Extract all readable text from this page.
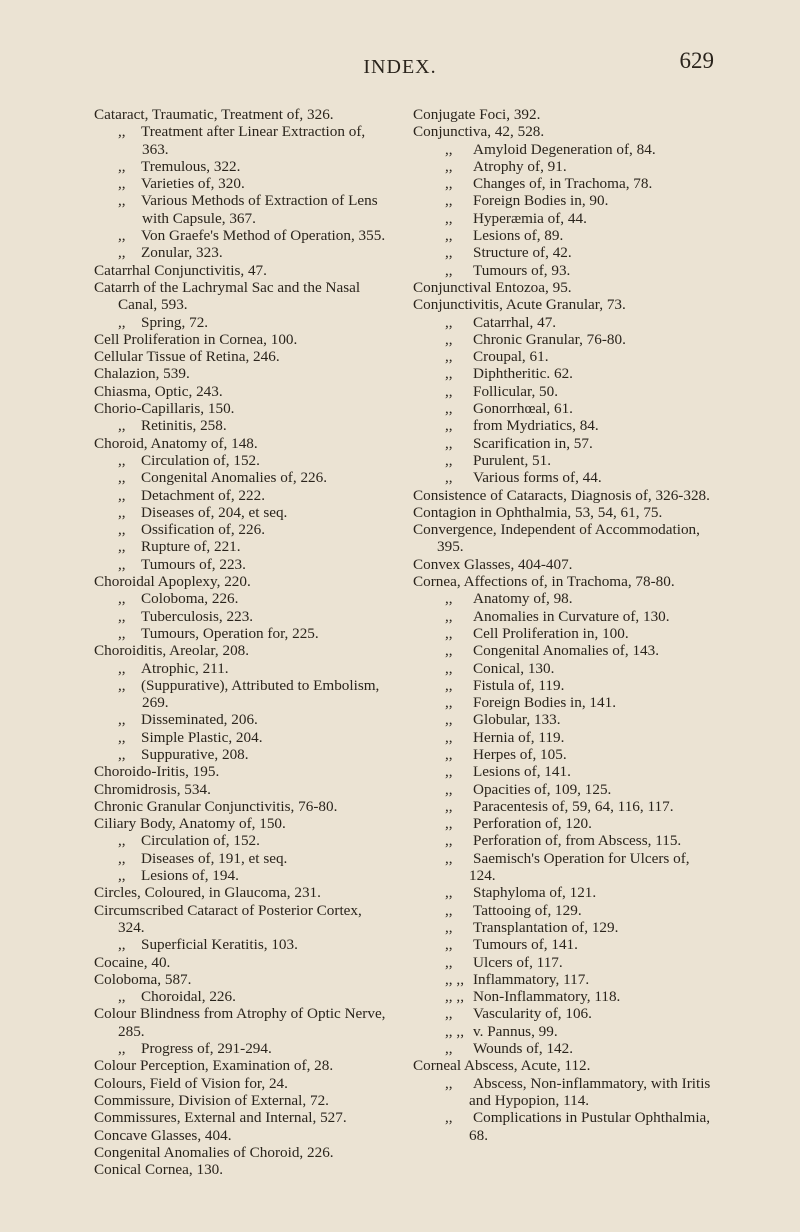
INDEX.	629
Cataract, Traumatic, Treatment of, 326.
,, Treatment after Linear Extraction of, 363.
,, Tremulous, 322.
,, Varieties of, 320.
,, Various Methods of Extraction of Lens with Capsule, 367.
,, Von Graefe's Method of Operation, 355.
,, Zonular, 323.
Catarrhal Conjunctivitis, 47.
Catarrh of the Lachrymal Sac and the Nasal Canal, 593.
,, Spring, 72.
Cell Proliferation in Cornea, 100.
Cellular Tissue of Retina, 246.
Chalazion, 539.
Chiasma, Optic, 243.
Chorio-Capillaris, 150.
,, Retinitis, 258.
Choroid, Anatomy of, 148.
,, Circulation of, 152.
,, Congenital Anomalies of, 226.
,, Detachment of, 222.
,, Diseases of, 204, et seq.
,, Ossification of, 226.
,, Rupture of, 221.
,, Tumours of, 223.
Choroidal Apoplexy, 220.
,, Coloboma, 226.
,, Tuberculosis, 223.
,, Tumours, Operation for, 225.
Choroiditis, Areolar, 208.
,, Atrophic, 211.
,, (Suppurative), Attributed to Embolism, 269.
,, Disseminated, 206.
,, Simple Plastic, 204.
,, Suppurative, 208.
Choroido-Iritis, 195.
Chromidrosis, 534.
Chronic Granular Conjunctivitis, 76-80.
Ciliary Body, Anatomy of, 150.
,, Circulation of, 152.
,, Diseases of, 191, et seq.
,, Lesions of, 194.
Circles, Coloured, in Glaucoma, 231.
Circumscribed Cataract of Posterior Cortex, 324.
,, Superficial Keratitis, 103.
Cocaine, 40.
Coloboma, 587.
,, Choroidal, 226.
Colour Blindness from Atrophy of Optic Nerve, 285.
,, Progress of, 291-294.
Colour Perception, Examination of, 28.
Colours, Field of Vision for, 24.
Commissure, Division of External, 72.
Commissures, External and Internal, 527.
Concave Glasses, 404.
Congenital Anomalies of Choroid, 226.
Conical Cornea, 130.
Conjugate Foci, 392.
Conjunctiva, 42, 528.
,, Amyloid Degeneration of, 84.
,, Atrophy of, 91.
,, Changes of, in Trachoma, 78.
,, Foreign Bodies in, 90.
,, Hyperæmia of, 44.
,, Lesions of, 89.
,, Structure of, 42.
,, Tumours of, 93.
Conjunctival Entozoa, 95.
Conjunctivitis, Acute Granular, 73.
,, Catarrhal, 47.
,, Chronic Granular, 76-80.
,, Croupal, 61.
,, Diphtheritic. 62.
,, Follicular, 50.
,, Gonorrhœal, 61.
,, from Mydriatics, 84.
,, Scarification in, 57.
,, Purulent, 51.
,, Various forms of, 44.
Consistence of Cataracts, Diagnosis of, 326-328.
Contagion in Ophthalmia, 53, 54, 61, 75.
Convergence, Independent of Accommodation, 395.
Convex Glasses, 404-407.
Cornea, Affections of, in Trachoma, 78-80.
,, Anatomy of, 98.
,, Anomalies in Curvature of, 130.
,, Cell Proliferation in, 100.
,, Congenital Anomalies of, 143.
,, Conical, 130.
,, Fistula of, 119.
,, Foreign Bodies in, 141.
,, Globular, 133.
,, Hernia of, 119.
,, Herpes of, 105.
,, Lesions of, 141.
,, Opacities of, 109, 125.
,, Paracentesis of, 59, 64, 116, 117.
,, Perforation of, 120.
,, Perforation of, from Abscess, 115.
,, Saemisch's Operation for Ulcers of, 124.
,, Staphyloma of, 121.
,, Tattooing of, 129.
,, Transplantation of, 129.
,, Tumours of, 141.
,, Ulcers of, 117.
,, ,, Inflammatory, 117.
,, ,, Non-Inflammatory, 118.
,, Vascularity of, 106.
,, ,, v. Pannus, 99.
,, Wounds of, 142.
Corneal Abscess, Acute, 112.
,, Abscess, Non-inflammatory, with Iritis and Hypopion, 114.
,, Complications in Pustular Ophthalmia, 68.
